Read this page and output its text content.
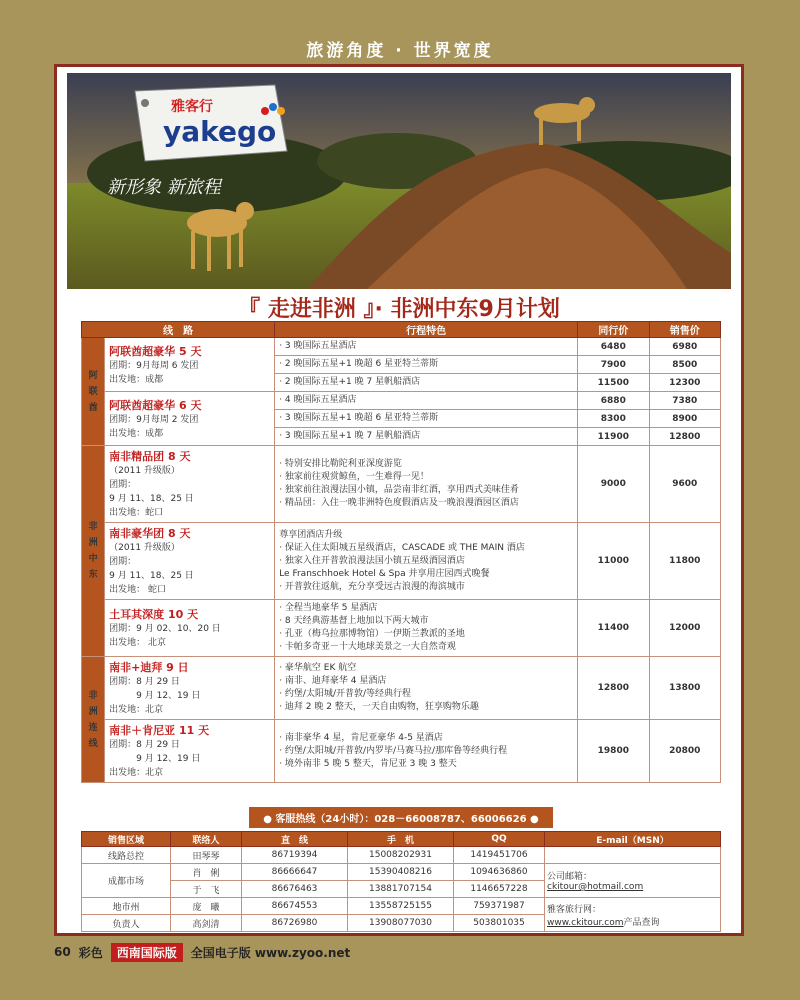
旅游角度 · 世界宽度
雅客行
yakego
新形象 新旅程
『 走进非洲 』· 非洲中东9月计划
线　路		行程特色	同行价	销售价
阿
联
酋	阿联酋超豪华 5 天
团期：9月每周 6 发团
出发地：成都	· 3 晚国际五星酒店	6480	6980
		· 2 晚国际五星+1 晚超 6 星亚特兰蒂斯	7900	8500
		· 2 晚国际五星+1 晚 7 星帆船酒店	11500	12300

	阿联酋超豪华 6 天
团期：9月每周 2 发团
出发地：成都	· 4 晚国际五星酒店	6880	7380
		· 3 晚国际五星+1 晚超 6 星亚特兰蒂斯	8300	8900
		· 3 晚国际五星+1 晚 7 星帆船酒店	11900	12800
非
洲
中
东	南非精品团 8 天
（2011 升级版）
团期：
9 月 11、18、25 日
出发地：蛇口	· 特别安排比勒陀利亚深度游览
· 独家前往观赏鲸鱼，一生难得一见！
· 独家前往浪漫法国小镇，品尝南非红酒，享用西式美味佳肴
· 精品団：入住一晚非洲特色度假酒店及一晚浪漫酒园区酒店	9000	9600

	南非豪华团 8 天
（2011 升级版）
团期：
9 月 11、18、25 日
出发地： 蛇口	尊享团酒店升级
· 保证入住太阳城五星级酒店，CASCADE 或 THE MAIN 酒店
· 独家入住开普敦浪漫法国小镇五星级酒园酒店
Le Franschhoek Hotel & Spa 并享用庄园西式晚餐
· 开普敦往返航，充分享受远古浪漫的海滨城市	11000	11800

	土耳其深度 10 天
团期：9 月 02、10、20 日
出发地： 北京	· 全程当地豪华 5 星酒店
· 8 天经典游基督上地加以下两大城市
· 孔亚（梅乌拉那博物馆）一伊斯兰教派的圣地
· 卡帕多奇亚－十大地球美景之一大自然奇观	11400	12000
非
洲
连
线	南非+迪拜 9 日
团期：8 月 29 日
　　　9 月 12、19 日
出发地：北京	· 豪华航空 EK 航空
· 南非、迪拜豪华 4 星酒店
· 约堡/太阳城/开普敦/等经典行程
· 迪拜 2 晚 2 整天，一天自由购物，狂享购物乐趣	12800	13800

	南非＋肯尼亚 11 天
团期：8 月 29 日
　　　9 月 12、19 日
出发地：北京	· 南非豪华 4 星，肯尼亚豪华 4-5 星酒店
· 约堡/太阳城/开普敦/内罗毕/马赛马拉/那库鲁等经典行程
· 境外南非 5 晚 5 整天，肯尼亚 3 晚 3 整天	19800	20800
● 客服热线（24小时）：028－66008787、66006626 ●
销售区域	联络人	直　线	手　机	QQ	E-mail（MSN）
线路总控	田琴琴	86719394	15008202931	1419451706	
成都市场	肖　俐	86666647	15390408216	1094636860	公司邮箱：
ckitour@hotmail.com
	于　飞	86676463	13881707154	1146657228	
地市州	庞　曦	86674553	13558725155	759371987	雅客旅行网：
www.ckitour.com产品查询
负责人	高剑清	86726980	13908077030	503801035	
60 彩色	西南国际版	全国电子版 www.zyoo.net
